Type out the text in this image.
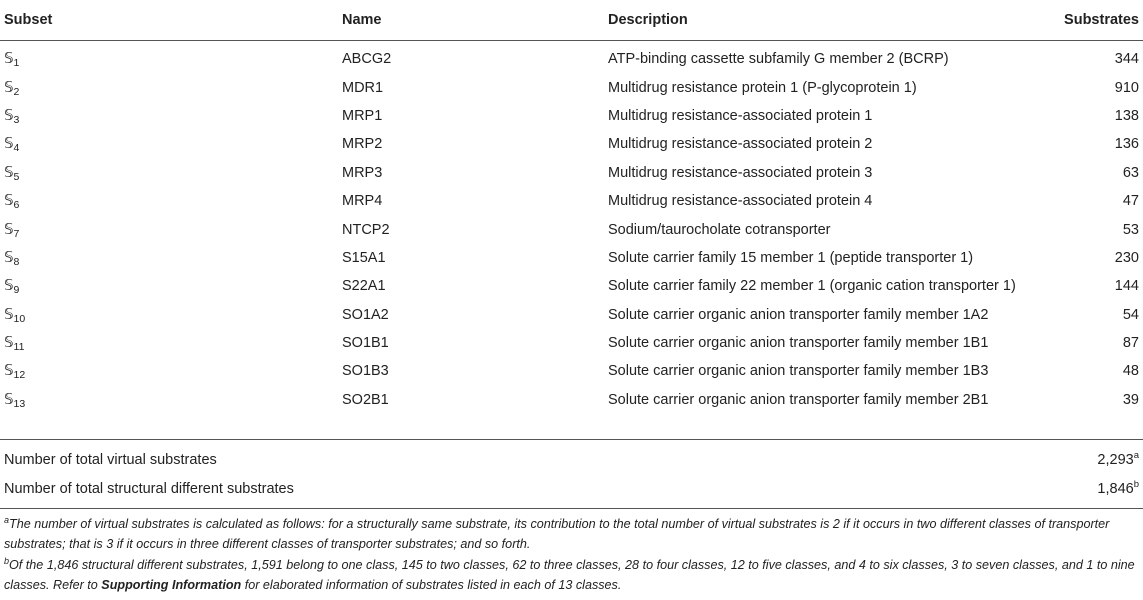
Subset	Name	Description	Substrates
𝕊$_1$	ABCG2	ATP-binding cassette subfamily G member 2 (BCRP)	344
𝕊$_2$	MDR1	Multidrug resistance protein 1 (P-glycoprotein 1)	910
𝕊$_3$	MRP1	Multidrug resistance-associated protein 1	138
𝕊$_4$	MRP2	Multidrug resistance-associated protein 2	136
𝕊$_5$	MRP3	Multidrug resistance-associated protein 3	63
𝕊$_6$	MRP4	Multidrug resistance-associated protein 4	47
𝕊$_7$	NTCP2	Sodium/taurocholate cotransporter	53
𝕊$_8$	S15A1	Solute carrier family 15 member 1 (peptide transporter 1)	230
𝕊$_9$	S22A1	Solute carrier family 22 member 1 (organic cation transporter 1)	144
𝕊$_{10}$	SO1A2	Solute carrier organic anion transporter family member 1A2	54
𝕊$_{11}$	SO1B1	Solute carrier organic anion transporter family member 1B1	87
𝕊$_{12}$	SO1B3	Solute carrier organic anion transporter family member 1B3	48
𝕊$_{13}$	SO2B1	Solute carrier organic anion transporter family member 2B1	39
Number of total virtual substrates	2,293$^a$
Number of total structural different substrates	1,846$^b$

$^a$The number of virtual substrates is calculated as follows: for a structurally same substrate, its contribution to the total number of virtual substrates is 2 if it occurs in two different classes of transporter substrates; that is 3 if it occurs in three different classes of transporter substrates; and so forth.

$^b$Of the 1,846 structural different substrates, 1,591 belong to one class, 145 to two classes, 62 to three classes, 28 to four classes, 12 to five classes, and 4 to six classes, 3 to seven classes, and 1 to nine classes. Refer to Supporting Information for elaborated information of substrates listed in each of 13 classes.
